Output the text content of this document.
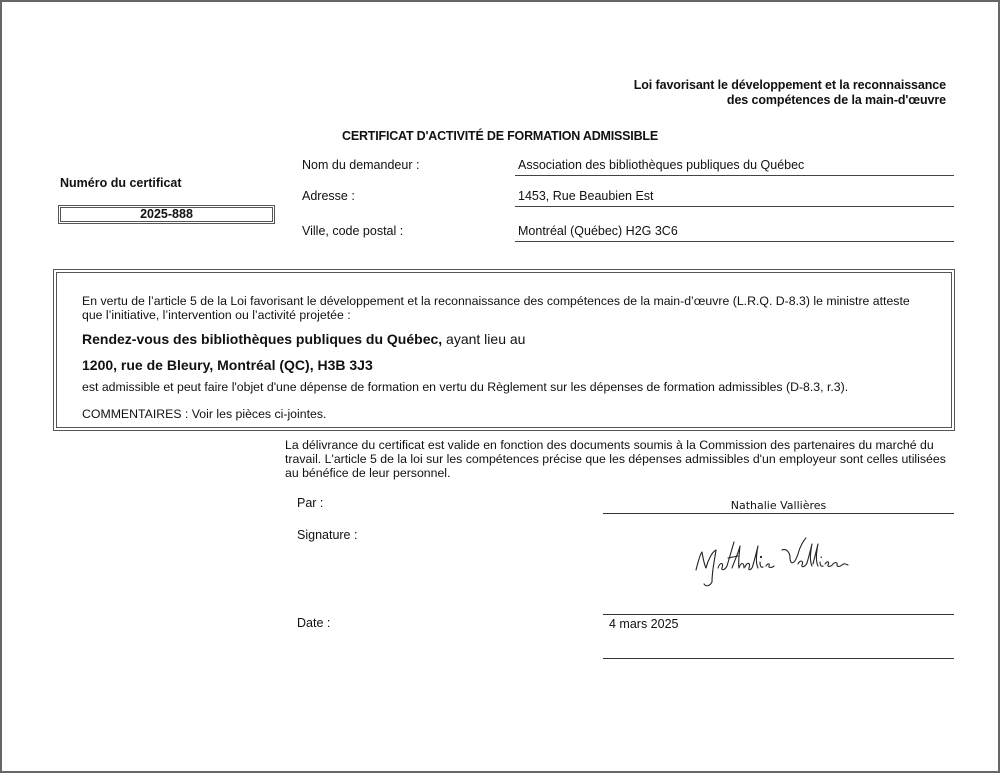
Loi favorisant le développement et la reconnaissance
des compétences de la main-d'œuvre
CERTIFICAT D'ACTIVITÉ DE FORMATION ADMISSIBLE
Numéro du certificat
2025-888
Nom du demandeur :	Association des bibliothèques publiques du Québec
Adresse :	1453, Rue Beaubien Est
Ville, code postal :	Montréal (Québec) H2G 3C6
En vertu de l’article 5 de la Loi favorisant le développement et la reconnaissance des compétences de la main-d’œuvre (L.R.Q. D-8.3) le ministre atteste
que l’initiative, l’intervention ou l’activité projetée :
Rendez-vous des bibliothèques publiques du Québec, ayant lieu au
1200, rue de Bleury, Montréal (QC), H3B 3J3
est admissible et peut faire l'objet d'une dépense de formation en vertu du Règlement sur les dépenses de formation admissibles (D-8.3, r.3).
COMMENTAIRES : Voir les pièces ci-jointes.
La délivrance du certificat est valide en fonction des documents soumis à la Commission des partenaires du marché du
travail. L'article 5 de la loi sur les compétences précise que les dépenses admissibles d'un employeur sont celles utilisées
au bénéfice de leur personnel.
Par :	Nathalie Vallières
Signature :
Date :	4 mars 2025
